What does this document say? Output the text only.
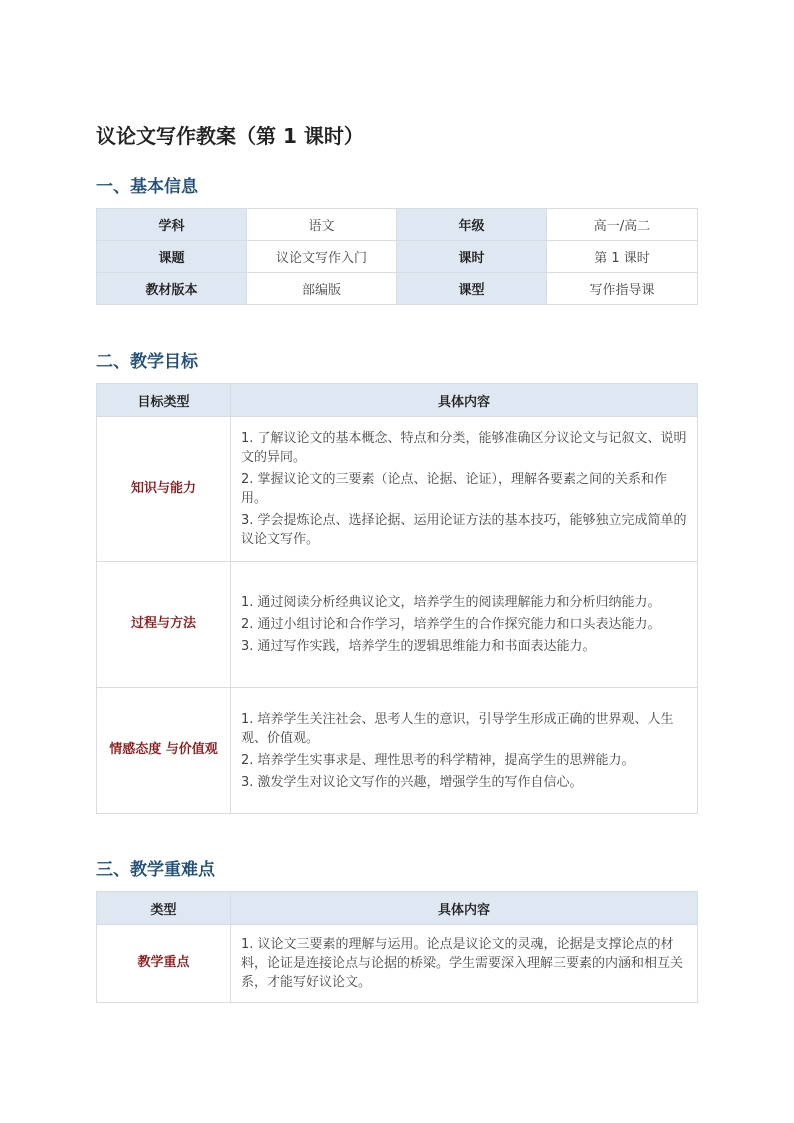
议论文写作教案（第 1 课时）
一、基本信息
学科	语文	年级	高一/高二
课题	议论文写作入门	课时	第 1 课时
教材版本	部编版	课型	写作指导课
二、教学目标
目标类型	具体内容
知识与能力	1. 了解议论文的基本概念、特点和分类，能够准确区分议论文与记叙文、说明文的异同。

2. 掌握议论文的三要素（论点、论据、论证），理解各要素之间的关系和作用。

3. 学会提炼论点、选择论据、运用论证方法的基本技巧，能够独立完成简单的议论文写作。

过程与方法	1. 通过阅读分析经典议论文，培养学生的阅读理解能力和分析归纳能力。

2. 通过小组讨论和合作学习，培养学生的合作探究能力和口头表达能力。

3. 通过写作实践，培养学生的逻辑思维能力和书面表达能力。

情感态度 与价值观	1. 培养学生关注社会、思考人生的意识，引导学生形成正确的世界观、人生观、价值观。

2. 培养学生实事求是、理性思考的科学精神，提高学生的思辨能力。

3. 激发学生对议论文写作的兴趣，增强学生的写作自信心。

三、教学重难点
类型	具体内容
教学重点	1. 议论文三要素的理解与运用。论点是议论文的灵魂，论据是支撑论点的材料，论证是连接论点与论据的桥梁。学生需要深入理解三要素的内涵和相互关系，才能写好议论文。
